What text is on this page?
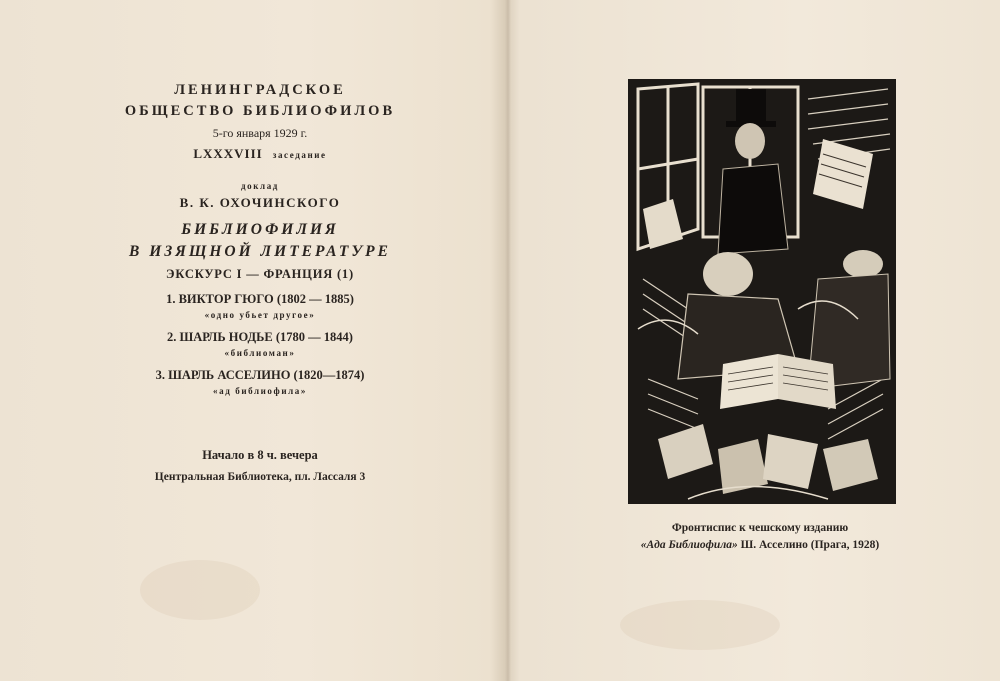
ЛЕНИНГРАДСКОЕ
ОБЩЕСТВО БИБЛИОФИЛОВ
5-го января 1929 г.
LXXXVIII заседание
доклад
В. К. ОХОЧИНСКОГО
БИБЛИОФИЛИЯ
В ИЗЯЩНОЙ ЛИТЕРАТУРЕ
ЭКСКУРС I — ФРАНЦИЯ (1)
1. ВИКТОР ГЮГО (1802 — 1885)
«одно убьет другое»
2. ШАРЛЬ НОДЬЕ (1780 — 1844)
«библиоман»
3. ШАРЛЬ АССЕЛИНО (1820—1874)
«ад библиофила»
Начало в 8 ч. вечера
Центральная Библиотека, пл. Лассаля 3
Фронтиспис к чешскому изданию
«Ада Библиофила» Ш. Асселино (Прага, 1928)
